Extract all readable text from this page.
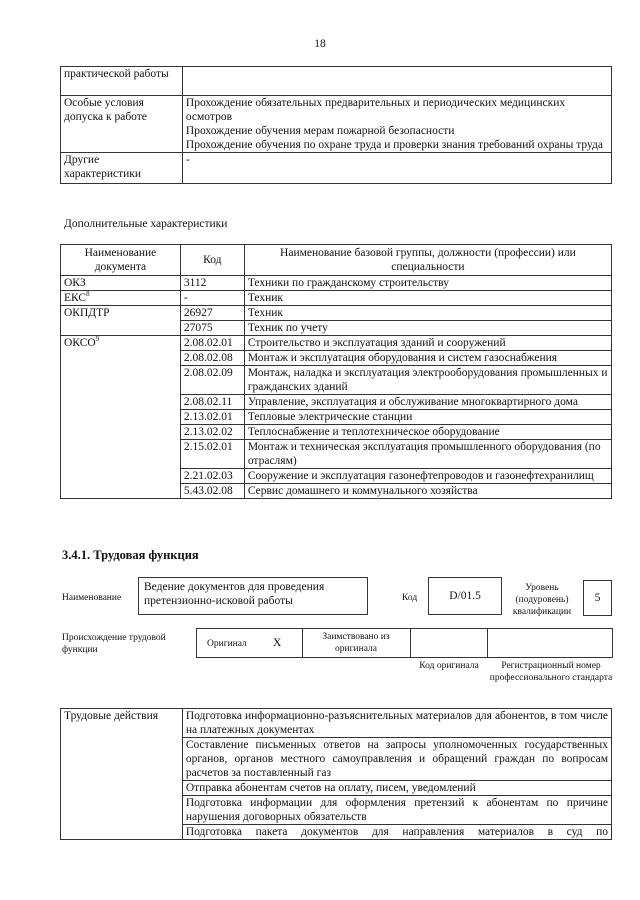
18
практической работы	
Особые условия допуска к работе	Прохождение обязательных предварительных и периодических медицинских осмотров
Прохождение обучения мерам пожарной безопасности
Прохождение обучения по охране труда и проверки знания требований охраны труда

Другие характеристики	-
Дополнительные характеристики
Наименование документа	Код	Наименование базовой группы, должности (профессии) или специальности
ОКЗ	3112	Техники по гражданскому строительству
ЕКС$^8$	-	Техник
ОКПДТР	26927	Техник
	27075	Техник по учету
ОКСО$^9$	2.08.02.01	Строительство и эксплуатация зданий и сооружений
	2.08.02.08	Монтаж и эксплуатация оборудования и систем газоснабжения
	2.08.02.09	Монтаж, наладка и эксплуатация электрооборудования промышленных и гражданских зданий
	2.08.02.11	Управление, эксплуатация и обслуживание многоквартирного дома
	2.13.02.01	Тепловые электрические станции
	2.13.02.02	Теплоснабжение и теплотехническое оборудование
	2.15.02.01	Монтаж и техническая эксплуатация промышленного оборудования (по отраслям)
	2.21.02.03	Сооружение и эксплуатация газонефтепроводов и газонефтехранилищ
	5.43.02.08	Сервис домашнего и коммунального хозяйства
3.4.1. Трудовая функция
Наименование
Ведение документов для проведения претензионно-исковой работы	Код	D/01.5
Уровень (подуровень) квалификации
5
Происхождение трудовой функции
Оригинал X	Заимствовано из оригинала
Код оригинала	Регистрационный номер профессионального стандарта
Трудовые действия	Подготовка информационно-разъяснительных материалов для абонентов, в том числе на платежных документах
Составление письменных ответов на запросы уполномоченных государственных органов, органов местного самоуправления и обращений граждан по вопросам расчетов за поставленный газ
Отправка абонентам счетов на оплату, писем, уведомлений
Подготовка информации для оформления претензий к абонентам по причине нарушения договорных обязательств
Подготовка пакета документов для направления материалов в суд по
